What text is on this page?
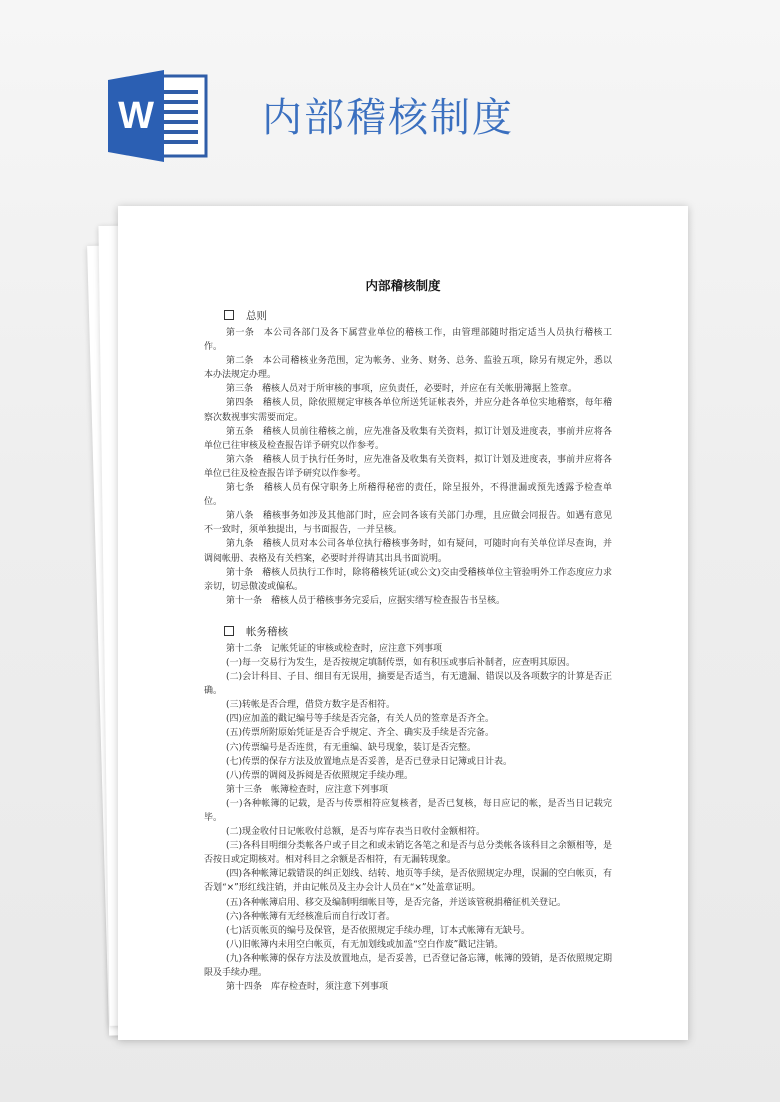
W	内部稽核制度
内部稽核制度
总则

第一条　本公司各部门及各下属营业单位的稽核工作，由管理部随时指定适当人员执行稽核工作。

第二条　本公司稽核业务范围，定为帐务、业务、财务、总务、监验五项，除另有规定外，悉以本办法规定办理。

第三条　稽核人员对于所审核的事项，应负责任，必要时，并应在有关帐册簿据上签章。

第四条　稽核人员，除依照规定审核各单位所送凭证帐表外，并应分赴各单位实地稽察，每年稽察次数视事实需要而定。

第五条　稽核人员前往稽核之前，应先准备及收集有关资料，拟订计划及进度表，事前并应将各单位已往审核及检查报告详予研究以作参考。

第六条　稽核人员于执行任务时，应先准备及收集有关资料，拟订计划及进度表，事前并应将各单位已往及检查报告详予研究以作参考。

第七条　稽核人员有保守职务上所稽得秘密的责任，除呈报外，不得泄漏或预先透露予检查单位。

第八条　稽核事务如涉及其他部门时，应会同各该有关部门办理，且应做会同报告。如遇有意见不一致时，须单独提出，与书面报告，一并呈核。

第九条　稽核人员对本公司各单位执行稽核事务时，如有疑问，可随时向有关单位详尽查询，并调阅帐册、表格及有关档案，必要时并得请其出具书面说明。

第十条　稽核人员执行工作时，除将稽核凭证(或公文)交由受稽核单位主管验明外工作态度应力求亲切，切忌傲凌或偏私。

第十一条　稽核人员于稽核事务完妥后，应据实缮写检查报告书呈核。

帐务稽核

第十二条　记帐凭证的审核或检查时，应注意下列事项

(一)每一交易行为发生，是否按规定填制传票，如有积压或事后补制者，应查明其原因。

(二)会计科目、子目、细目有无误用，摘要是否适当，有无遗漏、错误以及各项数字的计算是否正确。

(三)转帐是否合理，借贷方数字是否相符。

(四)应加盖的戳记编号等手续是否完备，有关人员的签章是否齐全。

(五)传票所附原始凭证是否合乎规定、齐全、确实及手续是否完备。

(六)传票编号是否连贯，有无重编、缺号现象，装订是否完整。

(七)传票的保存方法及放置地点是否妥善，是否已登录日记簿或日计表。

(八)传票的调阅及拆阅是否依照规定手续办理。

第十三条　帐簿检查时，应注意下列事项

(一)各种帐簿的记载，是否与传票相符应复核者，是否已复核，每日应记的帐，是否当日记载完毕。

(二)现金收付日记帐收付总额，是否与库存表当日收付金额相符。

(三)各科目明细分类帐各户或子目之和或未销讫各笔之和是否与总分类帐各该科目之余额相等，是否按日或定期核对。相对科目之余额是否相符，有无漏转现象。

(四)各种帐簿记载错误的纠正划线、结转、地页等手续，是否依照规定办理，误漏的空白帐页，有否划“×”形红线注销，并由记帐员及主办会计人员在“×”处盖章证明。

(五)各种帐簿启用、移交及编制明细帐目等，是否完备，并送该管税捐稽征机关登记。

(六)各种帐簿有无经核准后而自行改订者。

(七)活页帐页的编号及保管，是否依照规定手续办理，订本式帐簿有无缺号。

(八)旧帐簿内未用空白帐页，有无加划线或加盖“空白作废”戳记注销。

(九)各种帐簿的保存方法及放置地点，是否妥善，已否登记备忘簿，帐簿的毁销，是否依照规定期限及手续办理。

第十四条　库存检查时，须注意下列事项
